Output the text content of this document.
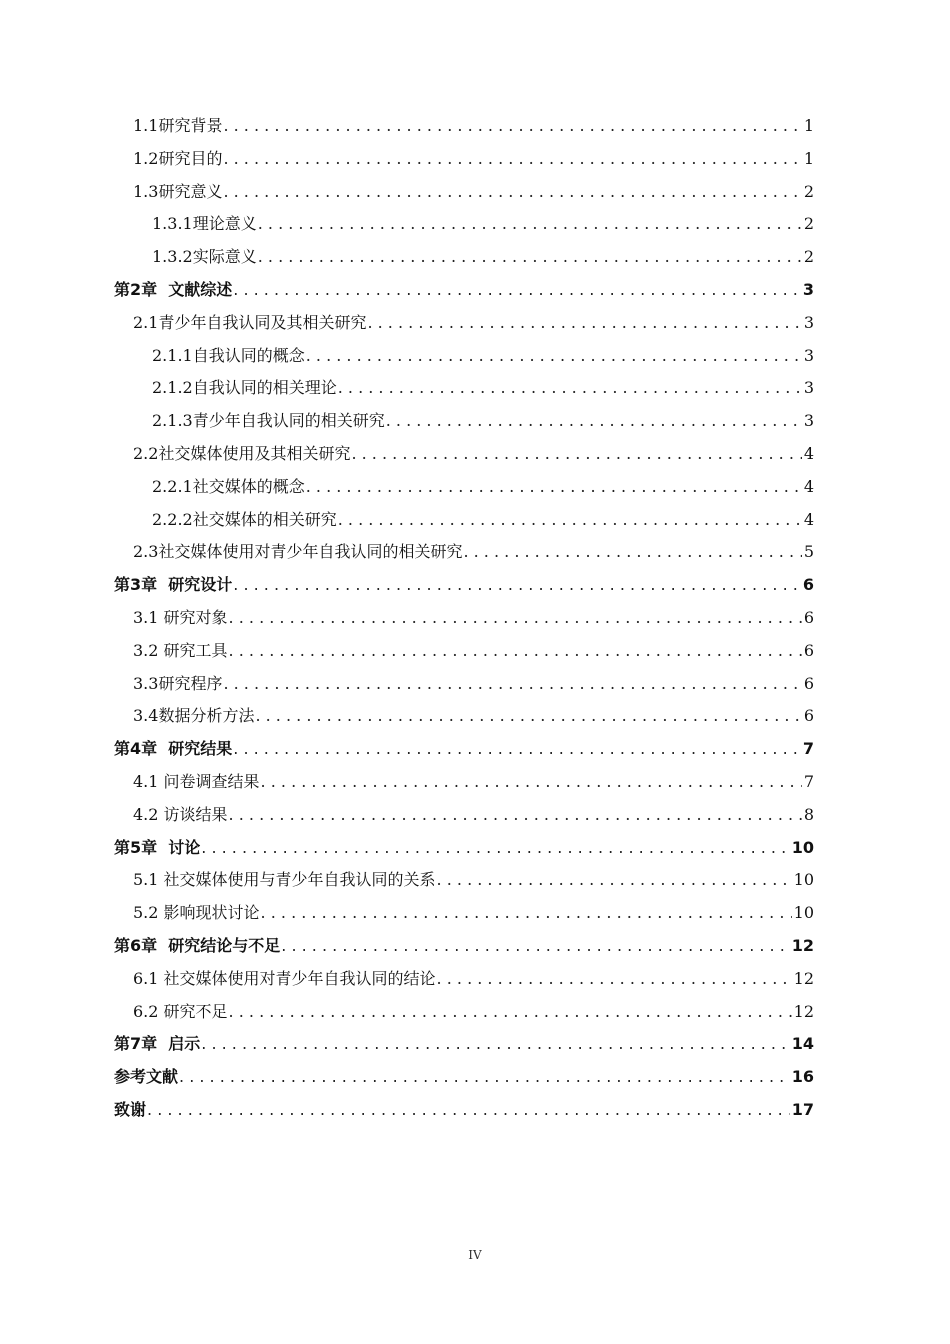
1.1研究背景 . . .	1
1.2研究目的 . . .	1
1.3研究意义 . . .	2
1.3.1理论意义 . . .	2
1.3.2实际意义 . . .	2
第2章  文献综述 . . .	3
2.1青少年自我认同及其相关研究 . . .	3
2.1.1自我认同的概念 . . .	3
2.1.2自我认同的相关理论 . . .	3
2.1.3青少年自我认同的相关研究 . . .	3
2.2社交媒体使用及其相关研究 . . .	4
2.2.1社交媒体的概念 . . .	4
2.2.2社交媒体的相关研究 . . .	4
2.3社交媒体使用对青少年自我认同的相关研究 . . .	5
第3章  研究设计 . . .	6
3.1 研究对象 . . .	6
3.2 研究工具 . . .	6
3.3研究程序 . . .	6
3.4数据分析方法 . . .	6
第4章  研究结果 . . .	7
4.1 问卷调查结果 . . .	7
4.2 访谈结果 . . .	8
第5章  讨论 . . .	10
5.1 社交媒体使用与青少年自我认同的关系 . . .	10
5.2 影响现状讨论 . . .	10
第6章  研究结论与不足 . . .	12
6.1 社交媒体使用对青少年自我认同的结论 . . .	12
6.2 研究不足 . . .	12
第7章  启示 . . .	14
参考文献 . . .	16
致谢 . . .	17
IV
